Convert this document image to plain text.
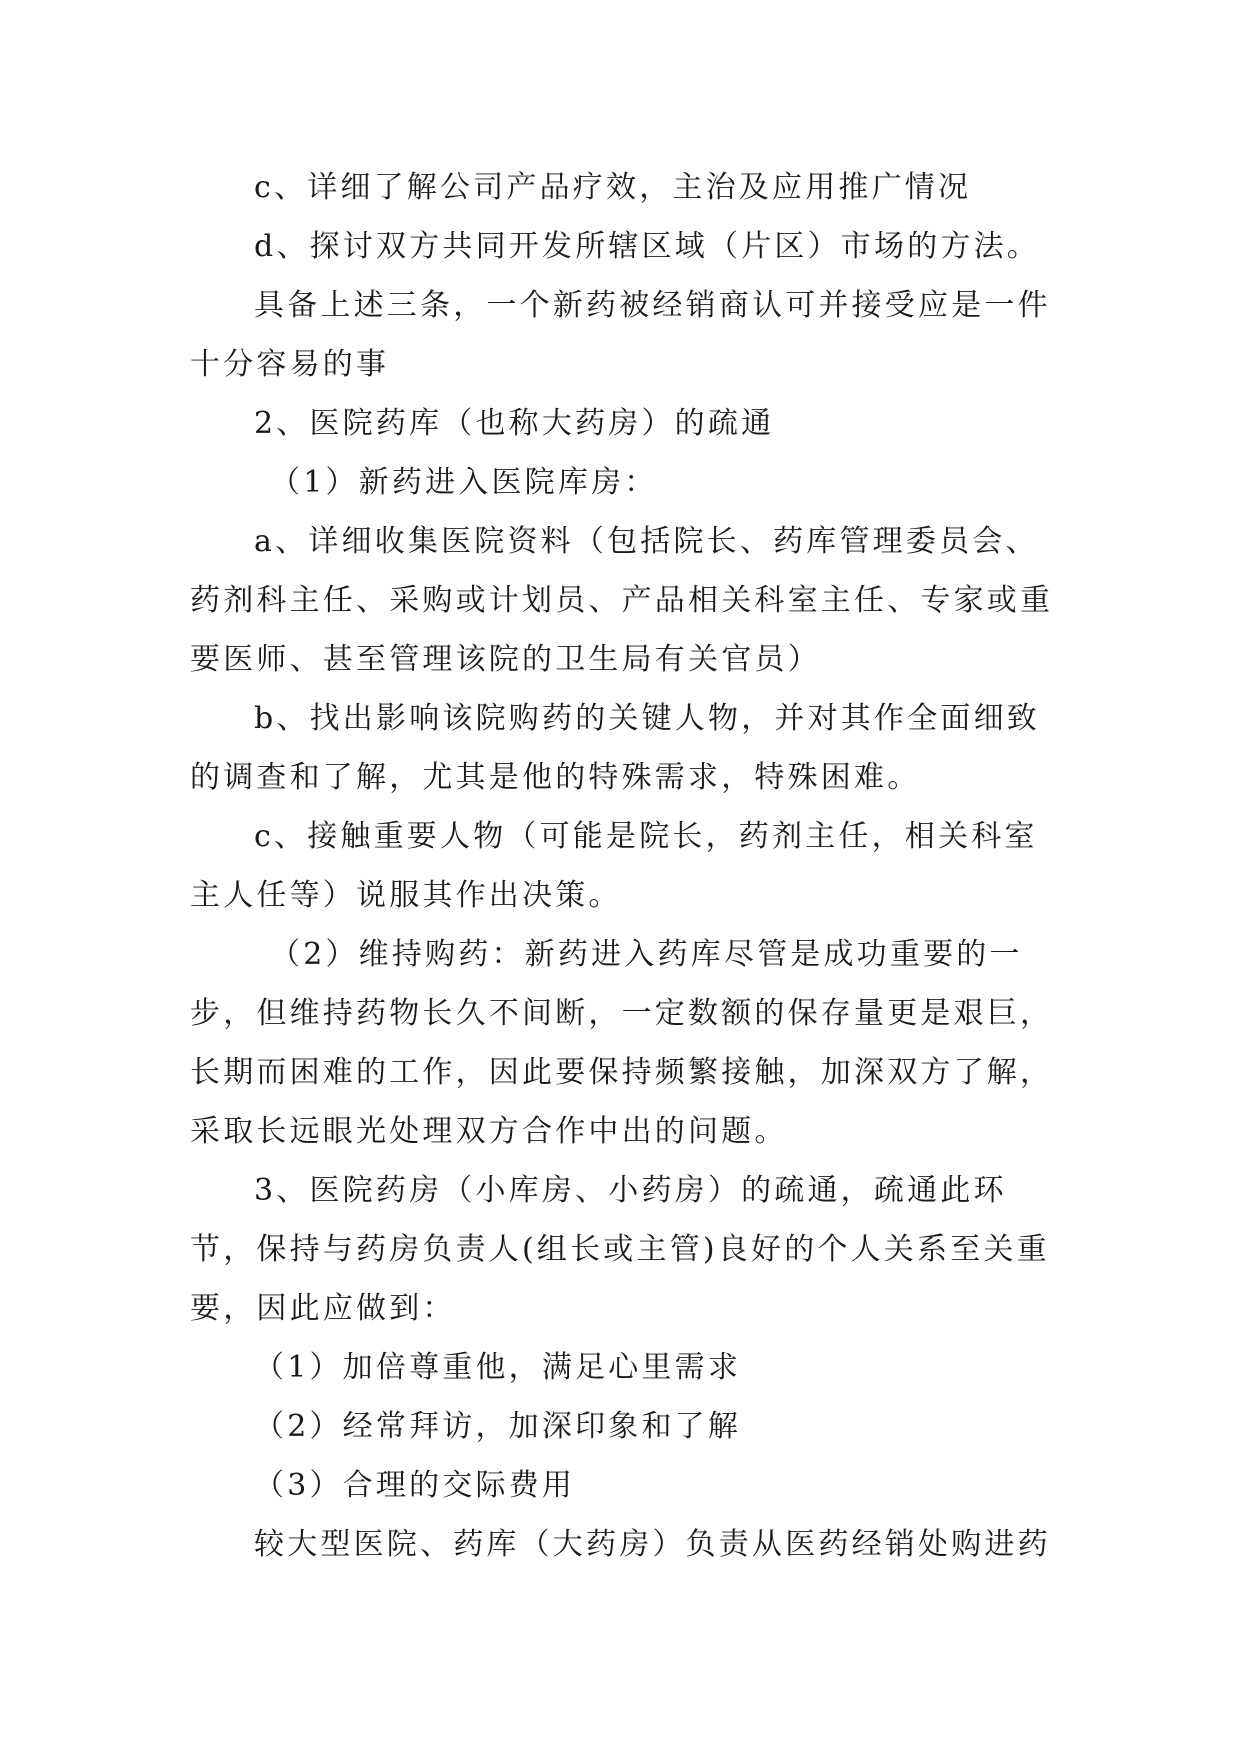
c、详细了解公司产品疗效，主治及应用推广情况

d、探讨双方共同开发所辖区域（片区）市场的方法。

具备上述三条，一个新药被经销商认可并接受应是一件十分容易的事

2、医院药库（也称大药房）的疏通

（1）新药进入医院库房：

a、详细收集医院资料（包括院长、药库管理委员会、药剂科主任、采购或计划员、产品相关科室主任、专家或重要医师、甚至管理该院的卫生局有关官员）

b、找出影响该院购药的关键人物，并对其作全面细致的调查和了解，尤其是他的特殊需求，特殊困难。

c、接触重要人物（可能是院长，药剂主任，相关科室主人任等）说服其作出决策。

（2）维持购药：新药进入药库尽管是成功重要的一步，但维持药物长久不间断，一定数额的保存量更是艰巨，长期而困难的工作，因此要保持频繁接触，加深双方了解，采取长远眼光处理双方合作中出的问题。

3、医院药房（小库房、小药房）的疏通，疏通此环节，保持与药房负责人(组长或主管)良好的个人关系至关重要，因此应做到：

（1）加倍尊重他，满足心里需求

（2）经常拜访，加深印象和了解

（3）合理的交际费用

较大型医院、药库（大药房）负责从医药经销处购进药
